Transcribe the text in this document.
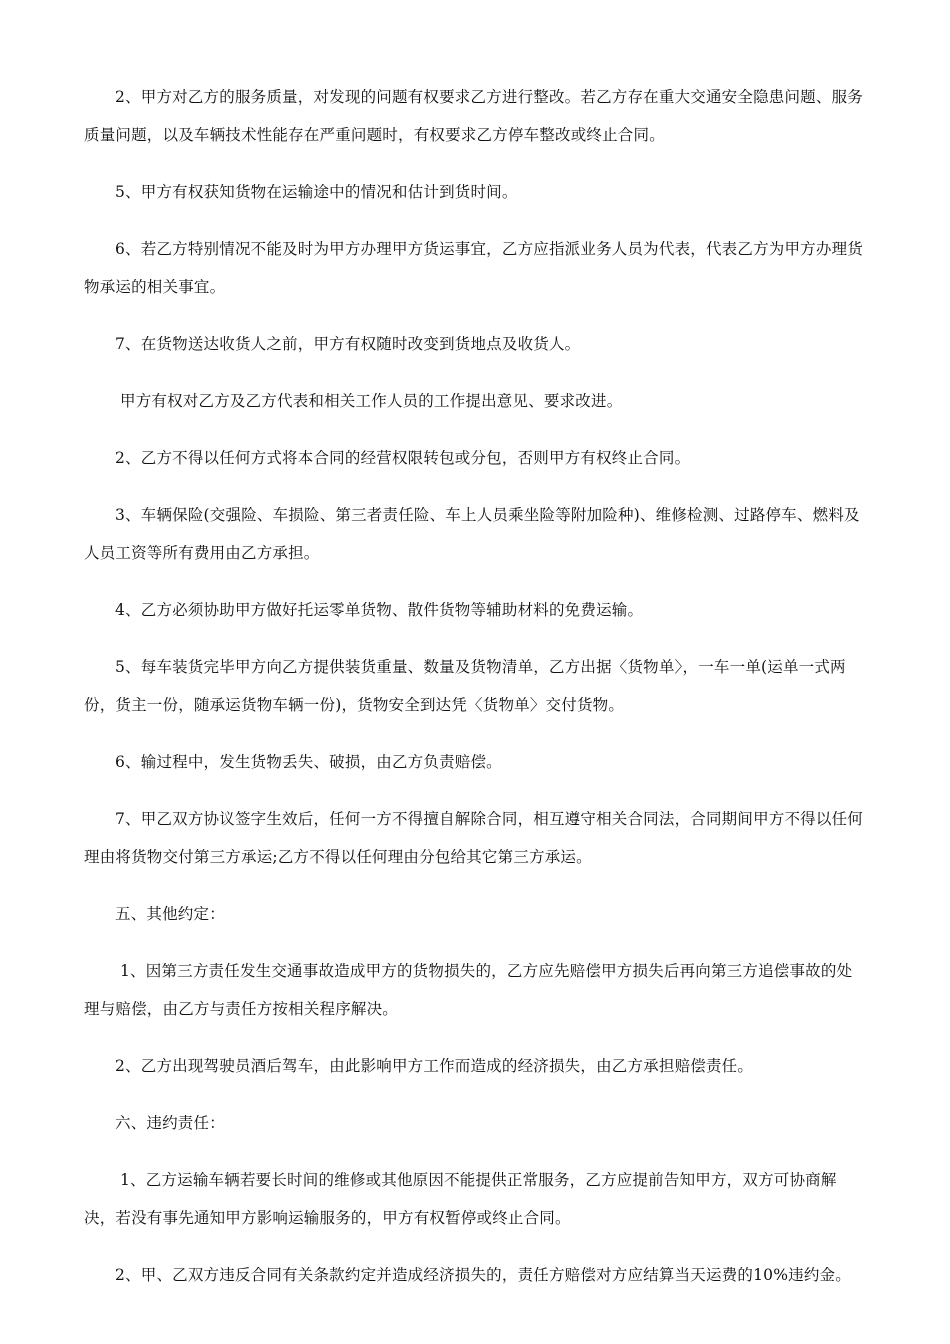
2、甲方对乙方的服务质量，对发现的问题有权要求乙方进行整改。若乙方存在重大交通安全隐患问题、服务质量问题，以及车辆技术性能存在严重问题时，有权要求乙方停车整改或终止合同。

5、甲方有权获知货物在运输途中的情况和估计到货时间。

6、若乙方特别情况不能及时为甲方办理甲方货运事宜，乙方应指派业务人员为代表，代表乙方为甲方办理货物承运的相关事宜。

7、在货物送达收货人之前，甲方有权随时改变到货地点及收货人。

甲方有权对乙方及乙方代表和相关工作人员的工作提出意见、要求改进。

2、乙方不得以任何方式将本合同的经营权限转包或分包，否则甲方有权终止合同。

3、车辆保险(交强险、车损险、第三者责任险、车上人员乘坐险等附加险种)、维修检测、过路停车、燃料及人员工资等所有费用由乙方承担。

4、乙方必须协助甲方做好托运零单货物、散件货物等辅助材料的免费运输。

5、每车装货完毕甲方向乙方提供装货重量、数量及货物清单，乙方出据〈货物单〉，一车一单(运单一式两份，货主一份，随承运货物车辆一份)，货物安全到达凭〈货物单〉交付货物。

6、输过程中，发生货物丢失、破损，由乙方负责赔偿。

7、甲乙双方协议签字生效后，任何一方不得擅自解除合同，相互遵守相关合同法，合同期间甲方不得以任何理由将货物交付第三方承运;乙方不得以任何理由分包给其它第三方承运。

五、其他约定：

1、因第三方责任发生交通事故造成甲方的货物损失的，乙方应先赔偿甲方损失后再向第三方追偿事故的处理与赔偿，由乙方与责任方按相关程序解决。

2、乙方出现驾驶员酒后驾车，由此影响甲方工作而造成的经济损失，由乙方承担赔偿责任。

六、违约责任：

1、乙方运输车辆若要长时间的维修或其他原因不能提供正常服务，乙方应提前告知甲方，双方可协商解决，若没有事先通知甲方影响运输服务的，甲方有权暂停或终止合同。

2、甲、乙双方违反合同有关条款约定并造成经济损失的，责任方赔偿对方应结算当天运费的10%违约金。
